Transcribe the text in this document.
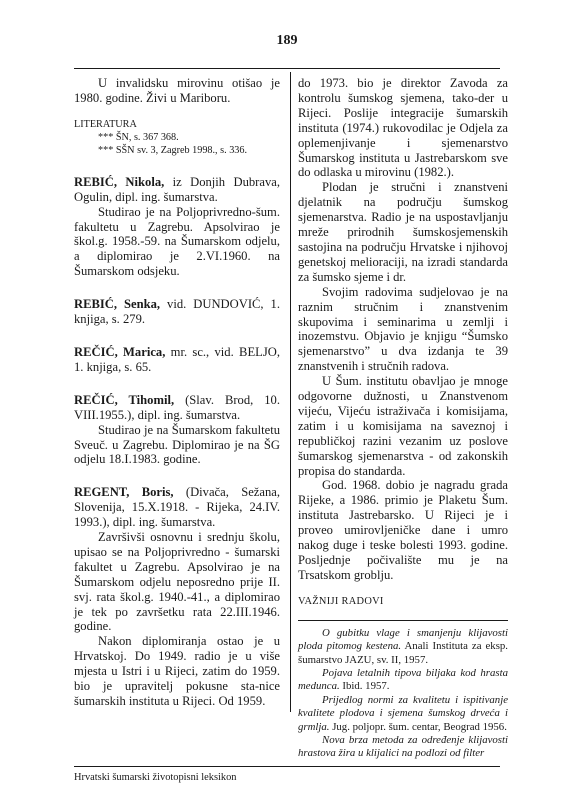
189

U invalidsku mirovinu otišao je 1980. godine. Živi u Mariboru.

LITERATURA
*** ŠN, s. 367 368.
*** SŠN sv. 3, Zagreb 1998., s. 336.

REBIĆ, Nikola, iz Donjih Dubrava, Ogulin, dipl. ing. šumarstva.

Studirao je na Poljoprivredno-šum. fakultetu u Zagrebu. Apsolvirao je škol.g. 1958.-59. na Šumarskom odjelu, a diplomirao je 2.VI.1960. na Šumarskom odsjeku.

REBIĆ, Senka, vid. DUNDOVIĆ, 1. knjiga, s. 279.

REČIĆ, Marica, mr. sc., vid. BELJO, 1. knjiga, s. 65.

REČIĆ, Tihomil, (Slav. Brod, 10. VIII.1955.), dipl. ing. šumarstva.

Studirao je na Šumarskom fakultetu Sveuč. u Zagrebu. Diplomirao je na ŠG odjelu 18.I.1983. godine.

REGENT, Boris, (Divača, Sežana, Slovenija, 15.X.1918. - Rijeka, 24.IV. 1993.), dipl. ing. šumarstva.

Završivši osnovnu i srednju školu, upisao se na Poljoprivredno - šumarski fakultet u Zagrebu. Apsolvirao je na Šumarskom odjelu neposredno prije II. svj. rata škol.g. 1940.-41., a diplomirao je tek po završetku rata 22.III.1946. godine.

Nakon diplomiranja ostao je u Hrvatskoj. Do 1949. radio je u više mjesta u Istri i u Rijeci, zatim do 1959. bio je upravitelj pokusne sta-nice šumarskih instituta u Rijeci. Od 1959.

do 1973. bio je direktor Zavoda za kontrolu šumskog sjemena, tako-der u Rijeci. Poslije integracije šumarskih instituta (1974.) rukovodilac je Odjela za oplemenjivanje i sjemenarstvo Šumarskog instituta u Jastrebarskom sve do odlaska u mirovinu (1982.).

Plodan je stručni i znanstveni djelatnik na području šumskog sjemenarstva. Radio je na uspostavljanju mreže prirodnih šumskosjemenskih sastojina na području Hrvatske i njihovoj genetskoj melioraciji, na izradi standarda za šumsko sjeme i dr.

Svojim radovima sudjelovao je na raznim stručnim i znanstvenim skupovima i seminarima u zemlji i inozemstvu. Objavio je knjigu “Šumsko sjemenarstvo” u dva izdanja te 39 znanstvenih i stručnih radova.

U Šum. institutu obavljao je mnoge odgovorne dužnosti, u Znanstvenom vijeću, Vijeću istraživača i komisijama, zatim i u komisijama na saveznoj i republičkoj razini vezanim uz poslove šumarskog sjemenarstva - od zakonskih propisa do standarda.

God. 1968. dobio je nagradu grada Rijeke, a 1986. primio je Plaketu Šum. instituta Jastrebarsko. U Rijeci je i proveo umirovljeničke dane i umro nakog duge i teske bolesti 1993. godine. Posljednje počivalište mu je na Trsatskom groblju.

VAŽNIJI RADOVI

O gubitku vlage i smanjenju klijavosti ploda pitomog kestena. Anali Instituta za eksp. šumarstvo JAZU, sv. II, 1957.

Pojava letalnih tipova biljaka kod hrasta medunca. Ibid. 1957.

Prijedlog normi za kvalitetu i ispitivanje kvalitete plodova i sjemena šumskog drveća i grmlja. Jug. poljopr. šum. centar, Beograd 1956.

Nova brza metoda za određenje klijavosti hrastova žira u klijalici na podlozi od filter

Hrvatski šumarski životopisni leksikon
